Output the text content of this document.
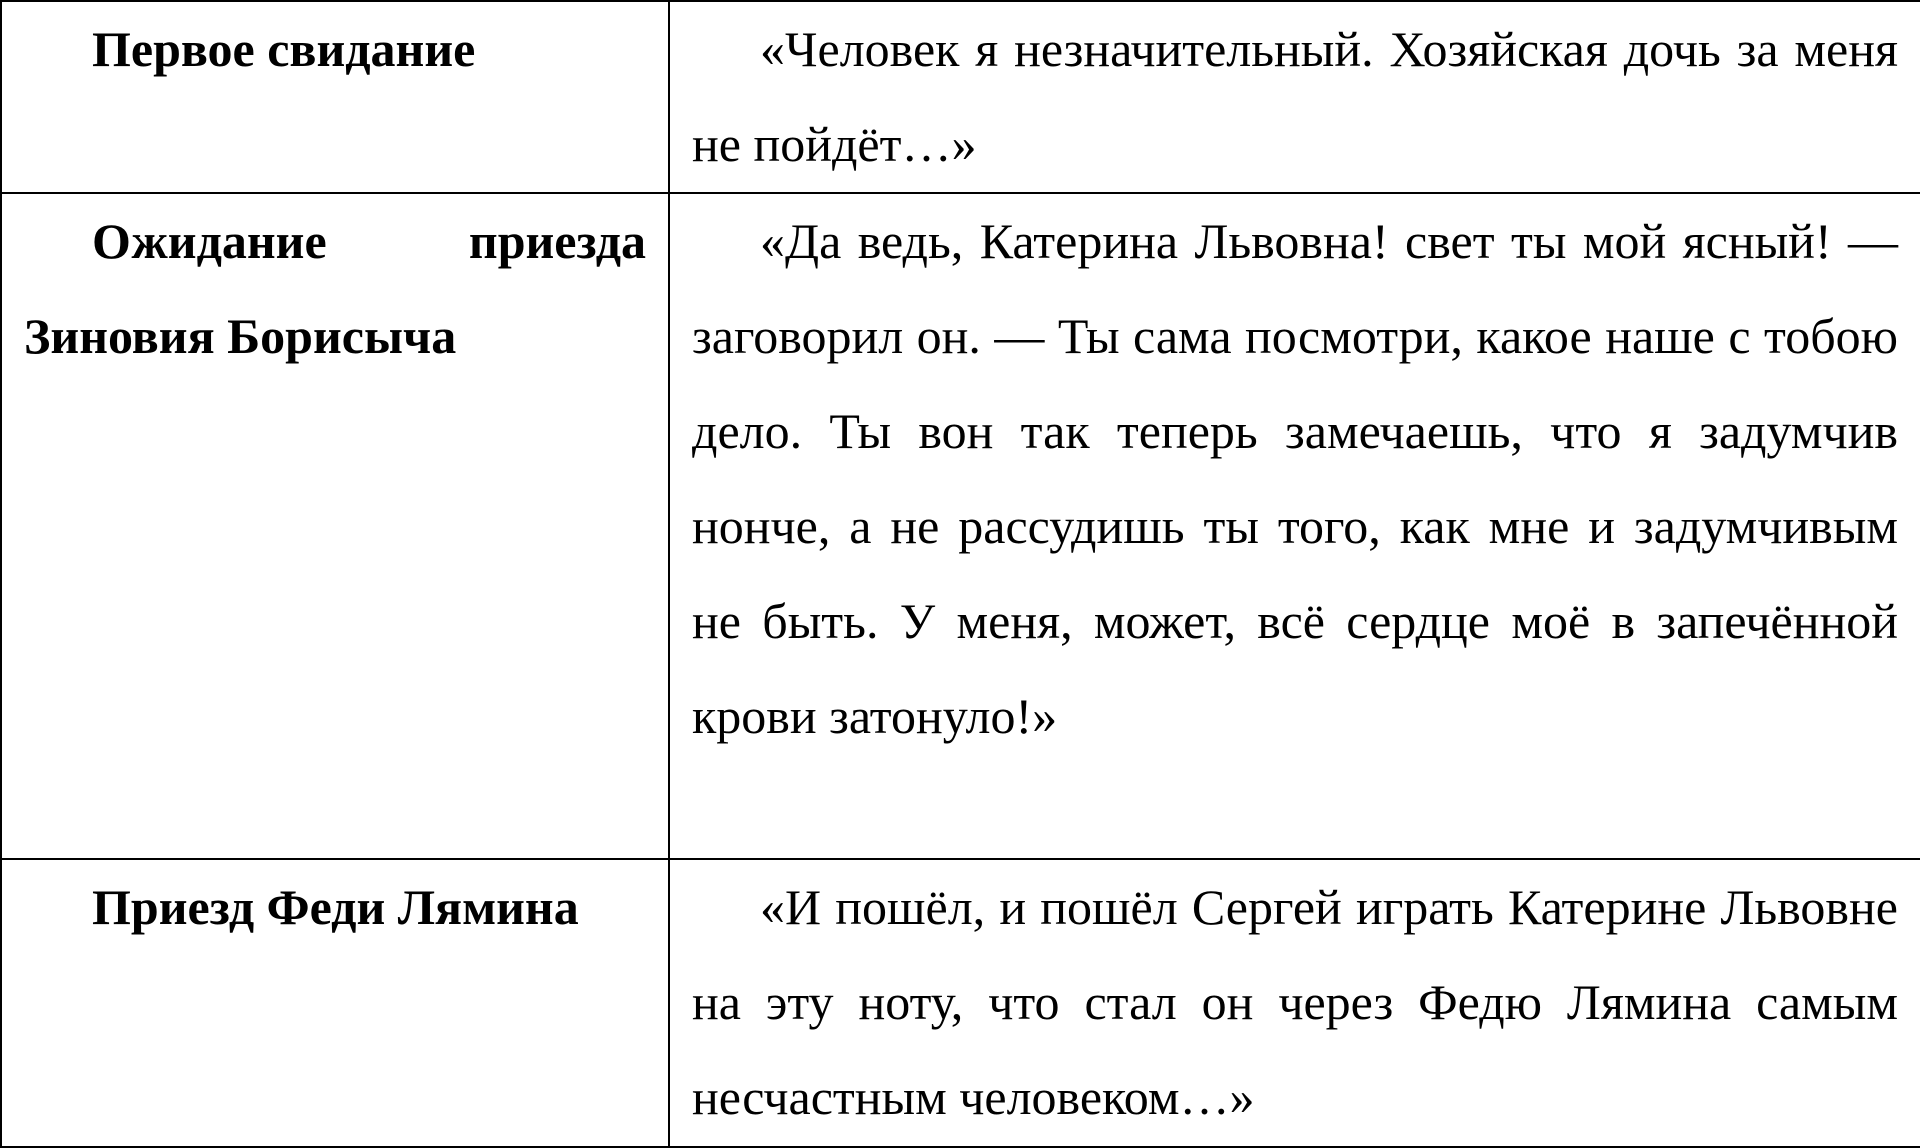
Первое свидание	«Человек я незначительный. Хозяйская дочь за меня не пойдёт…»
Ожидание приезда Зиновия Борисыча	«Да ведь, Катерина Львовна! свет ты мой ясный! — заговорил он. — Ты сама посмотри, какое наше с тобою дело. Ты вон так теперь замечаешь, что я задумчив нонче, а не рассудишь ты того, как мне и задумчивым не быть. У меня, может, всё сердце моё в запечённой крови затонуло!»
Приезд Феди Лямина	«И пошёл, и пошёл Сергей играть Катерине Львовне на эту ноту, что стал он через Федю Лямина самым несчастным человеком…»
